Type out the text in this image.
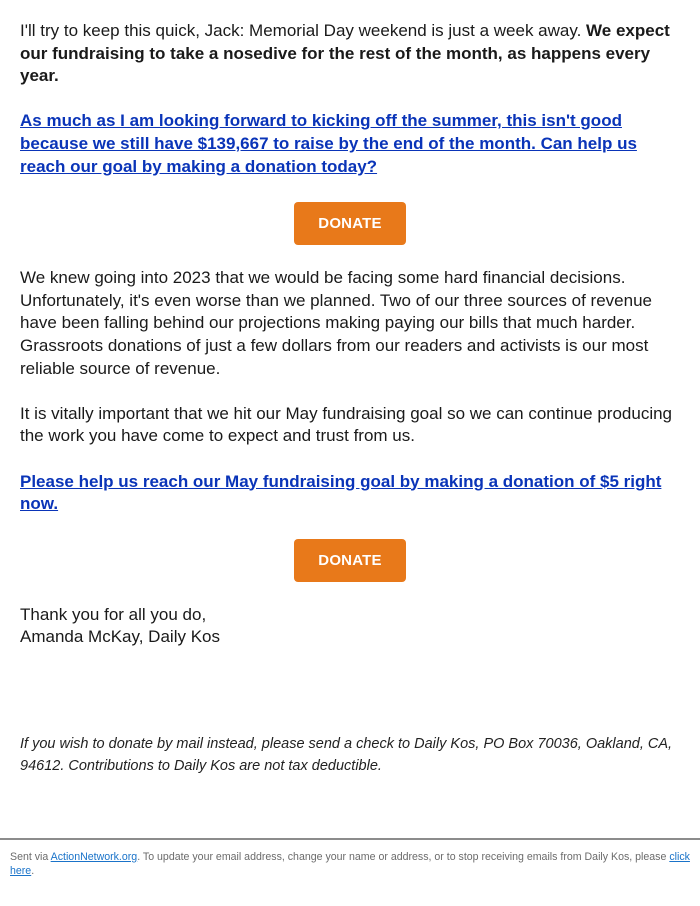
I'll try to keep this quick, Jack: Memorial Day weekend is just a week away. We expect our fundraising to take a nosedive for the rest of the month, as happens every year.

As much as I am looking forward to kicking off the summer, this isn't good because we still have $139,667 to raise by the end of the month. Can help us reach our goal by making a donation today?

DONATE

We knew going into 2023 that we would be facing some hard financial decisions. Unfortunately, it's even worse than we planned. Two of our three sources of revenue have been falling behind our projections making paying our bills that much harder. Grassroots donations of just a few dollars from our readers and activists is our most reliable source of revenue.

It is vitally important that we hit our May fundraising goal so we can continue producing the work you have come to expect and trust from us.

Please help us reach our May fundraising goal by making a donation of $5 right now.

DONATE

Thank you for all you do,

Amanda McKay, Daily Kos

If you wish to donate by mail instead, please send a check to Daily Kos, PO Box 70036, Oakland, CA, 94612. Contributions to Daily Kos are not tax deductible.

Sent via ActionNetwork.org. To update your email address, change your name or address, or to stop receiving emails from Daily Kos, please click here.
